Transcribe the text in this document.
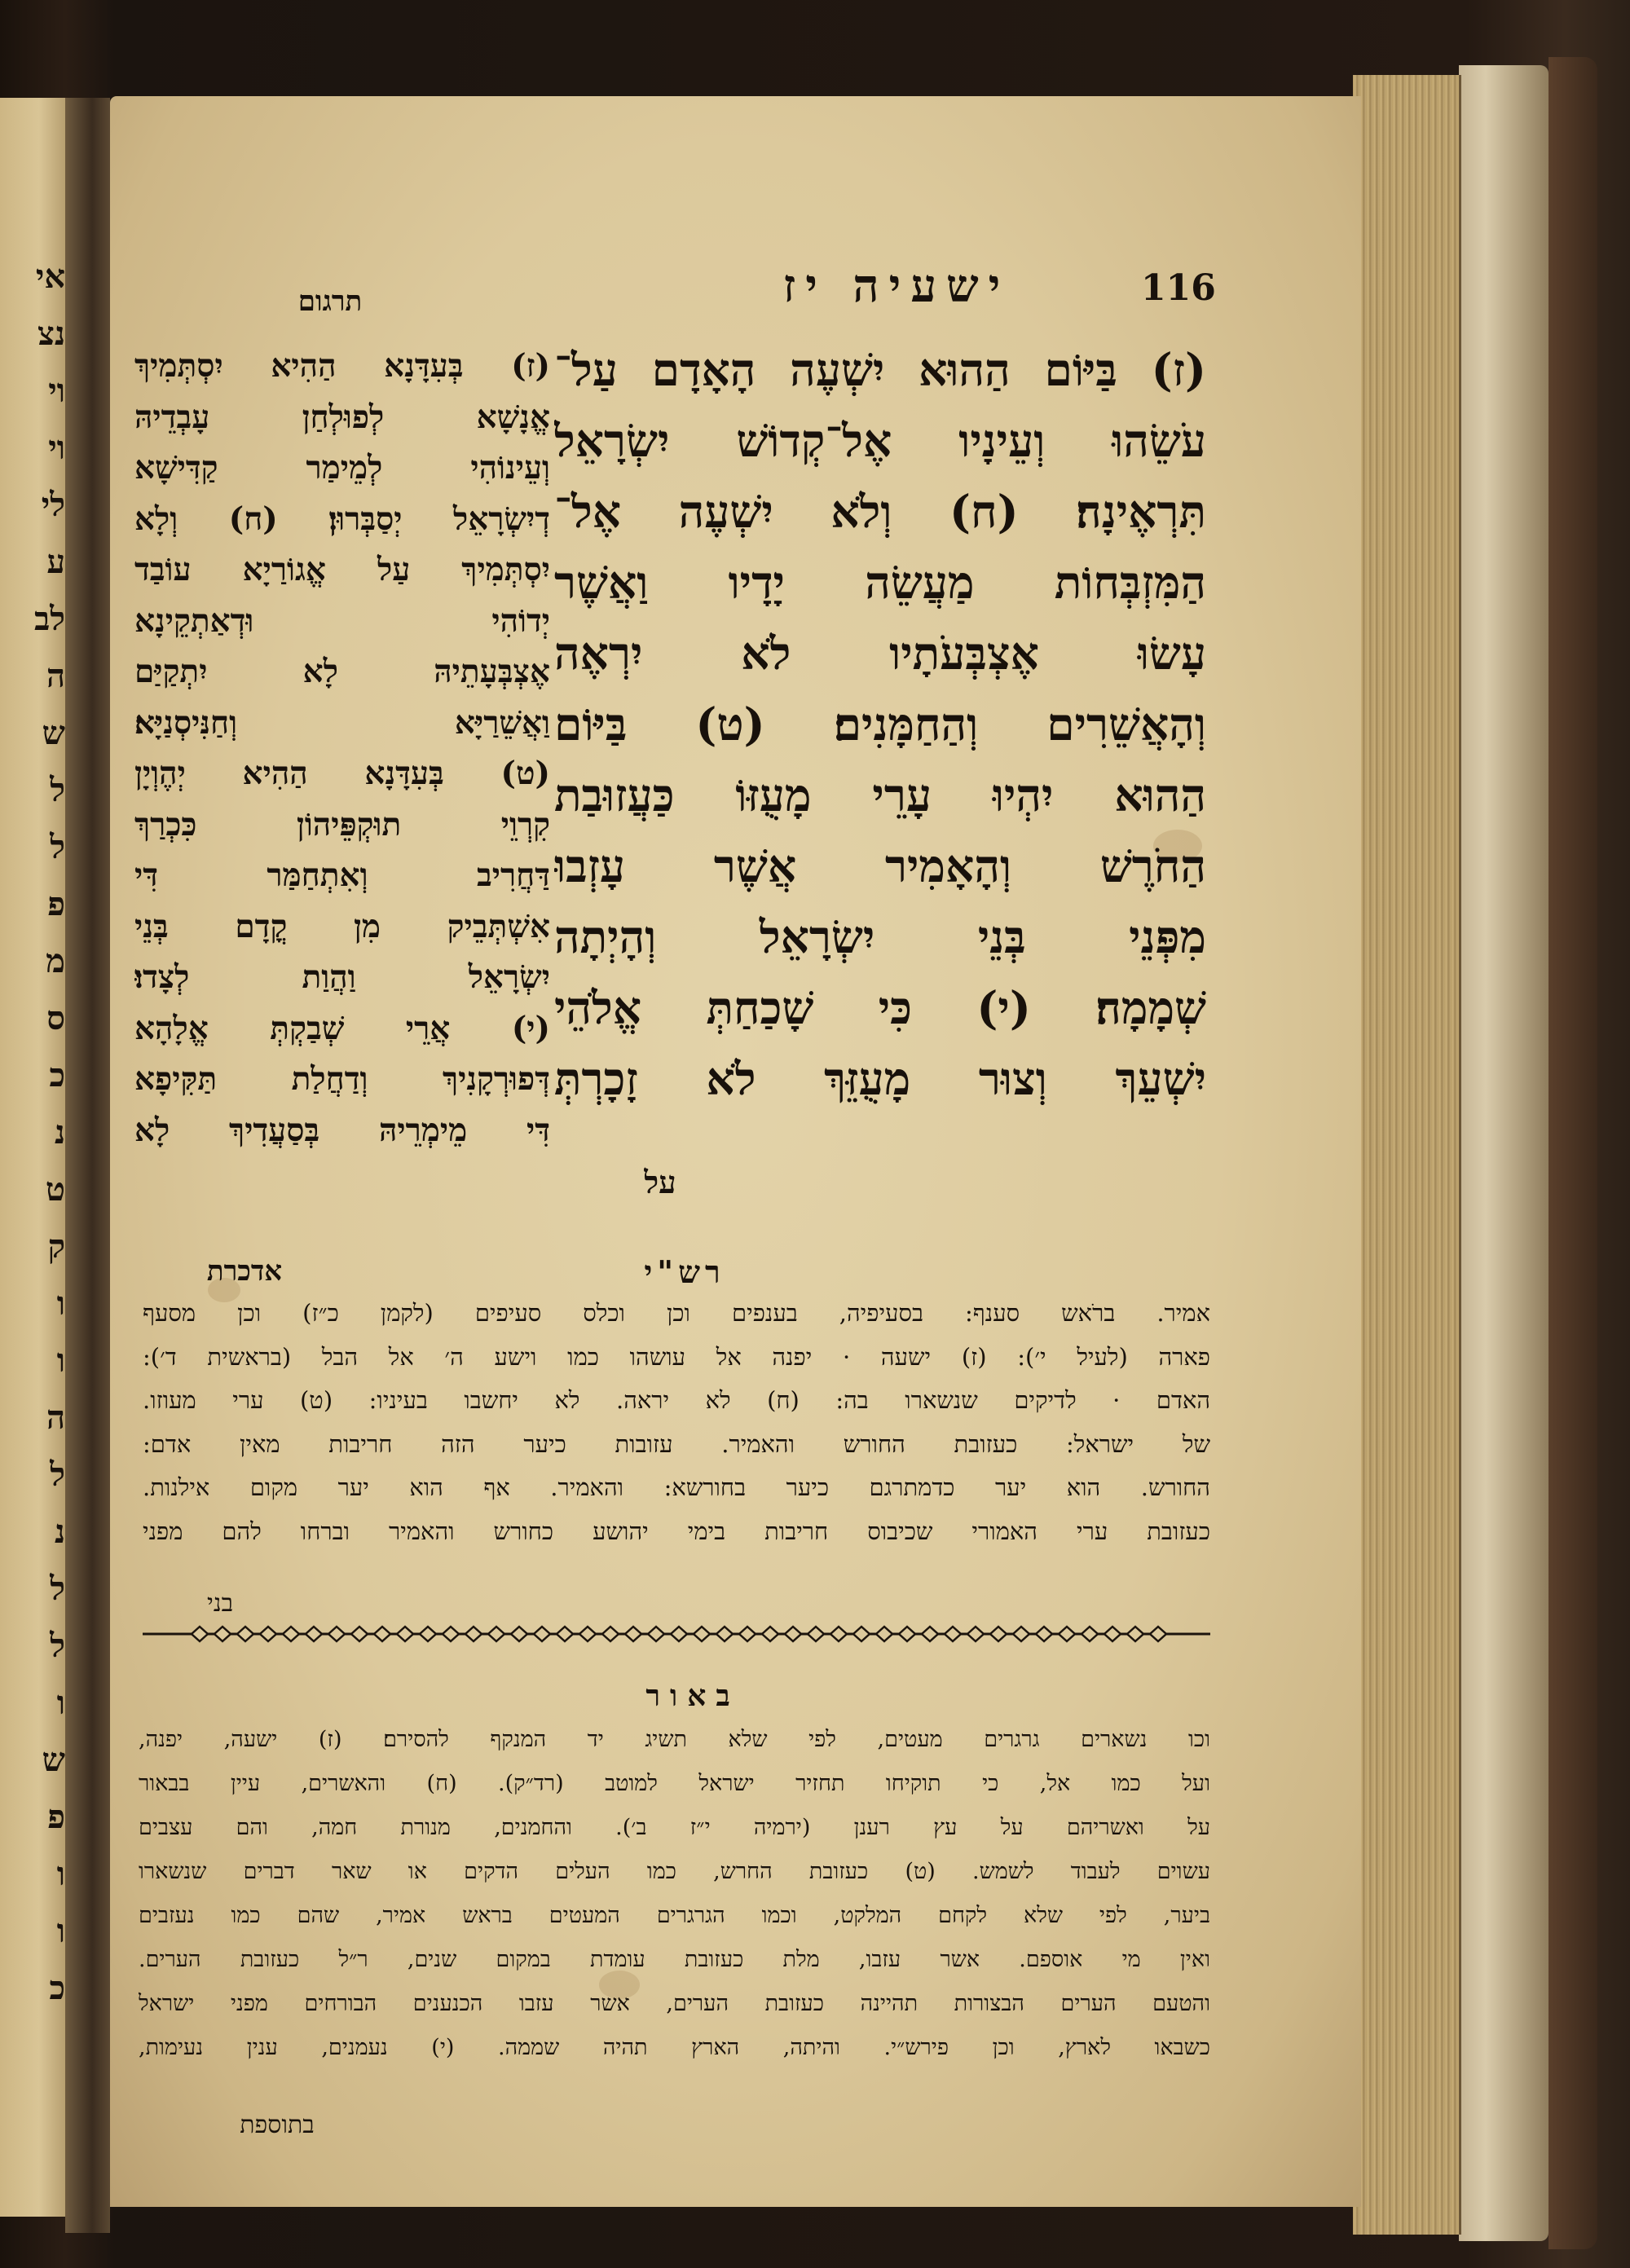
אי
נצ
וי
וי
לי
ע
לב
ה
ש
ל
ל
פ
מ
ס
כ
נ
ט
ק
ו
ו
ה
ל
נ
ל
ל
ו
ש
פ
ו
ו
כ
116
ישעיה יז
תרגום
(ז) בַּיּוֹם הַהוּא יִשְׁעֶה הָאָדָם עַל־
עֹשֵׂהוּ וְעֵינָיו אֶל־קְדוֹשׁ יִשְׂרָאֵל
תִּרְאֶינָה׃ (ח) וְלֹא יִשְׁעֶה אֶל־
הַמִּזְבְּחוֹת מַעֲשֵׂה יָדָיו וַאֲשֶׁר
עָשׂוּ אֶצְבְּעֹתָיו לֹא יִרְאֶה
וְהָאֲשֵׁרִים וְהַחַמָּנִים׃ (ט) בַּיּוֹם
הַהוּא יִהְיוּ עָרֵי מָעֻזּוֹ כַּעֲזוּבַת
הַחֹרֶשׁ וְהָאָמִיר אֲשֶׁר עָזְבוּ
מִפְּנֵי בְּנֵי יִשְׂרָאֵל וְהָיְתָה
שְׁמָמָה׃ (י) כִּי שָׁכַחַתְּ אֱלֹהֵי
יִשְׁעֵךְ וְצוּר מָעֻזֵּךְ לֹא זָכָרְתְּ
על
(ז) בְּעִדָּנָא הַהִיא יִסְתְּמִיךְ
אֱנָשָׁא לְפוּלְחַן עָבְדֵיהּ
וְעֵינוֹהִי לְמֵימַר קַדִּישָׁא
דְיִשְׂרָאֵל יְסַבְּרוּן׃ (ח) וְלָא
יִסְתְּמִיךְ עַל אֱגוֹרַיָא עוֹבַד
יְדוֹהִי וּדְאַתְקֵינָא
אֶצְבְּעָתֵיהּ לָא יִתְקַיַּם
וַאֲשֵׁרַיָּא וְחַנִּיסְנַיָּא׃
(ט) בְּעִדָּנָא הַהִיא יְהֶוְיָן
קִרְוֵי תוּקְפֵּיהוֹן כִּכְרַךְ
דַּחֲרִיב וְאִתְחַמַּר דִּי
אִשְׁתְּבֵיק מִן קֳדָם בְּנֵי
יִשְׂרָאֵל וַהֲוַת לְצָדוּ׃
(י) אֲרֵי שְׁבַקְתְּ אֱלָהָא
דְּפוּרְקָנִיךְ וְדַחֲלַת תַּקִּיפָא
דִּי מֵימְרֵיהּ בְּסַעֲדִיךְ לָא
אדכרת	רש"י
אמיר. ברֹאש סענף: בסעיפיה, בענפים וכן וכלס סעיפים (לקמן כ״ז) וכן מסעף
פארה (לעיל י׳): (ז) ישעה · יפנה אל עושהו כמו וישע ה׳ אל הבל (בראשית ד׳):
האדם · לדיקים שנשארו בה: (ח) לא יראה. לא יחשבו בעיניו: (ט) ערי מעוזו.
של ישראל: כעזובת החורש והאמיר. עזובות כיער הזה חריבות מאין אדם:
החורש. הוא יער כדמתרגם כיער בחורשא: והאמיר. אף הוא יער מקום אילנות.
כעזובת ערי האמורי שכיבוס חריבות בימי יהושע כחורש והאמיר וברחו להם מפני
בני
באור
וכו נשארים גרגרים מעטים, לפי שלא תשיג יד המנקף להסירם׃ (ז) ישעה, יפנה,
ועל כמו אל, כי תוקיחו תחזיר ישראל למוטב (רד״ק). (ח) והאשרים, עיין בבאור
על ואשריהם על עץ רענן (ירמיה י״ז ב׳). והחמנים, מנורת חמה, והם עצבים
עשוים לעבוד לשמש. (ט) כעזובת החרש, כמו העלים הדקים או שאר דברים שנשארו
ביער, לפי שלא לקחם המלקט, וכמו הגרגרים המעטים בראש אמיר, שהם כמו נעזבים
ואין מי אוספם. אשר עזבו, מלת כעזובת עומדת במקום שנים, ר״ל כעזובת הערים.
והטעם הערים הבצורות תהיינה כעזובת הערים, אשר עזבו הכנענים הבורחים מפני ישראל
כשבאו לארץ, וכן פירש״י. והיתה, הארץ תהיה שממה. (י) נעמנים, ענין נעימות,
בתוספת
